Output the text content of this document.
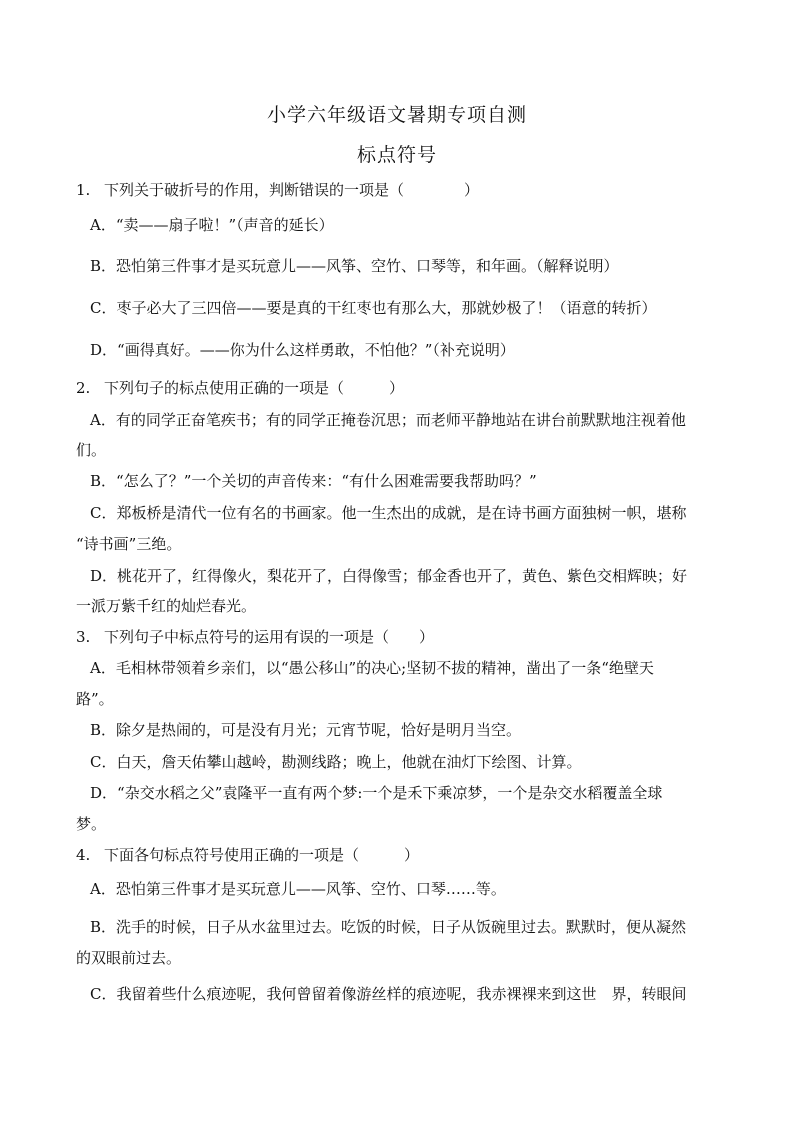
小学六年级语文暑期专项自测
标点符号
1. 下列关于破折号的作用，判断错误的一项是（　　　　）
A．“卖——扇子啦！”（声音的延长）
B．恐怕第三件事才是买玩意儿——风筝、空竹、口琴等，和年画。（解释说明）
C．枣子必大了三四倍——要是真的干红枣也有那么大，那就妙极了！（语意的转折）
D．“画得真好。——你为什么这样勇敢，不怕他？”（补充说明）
2. 下列句子的标点使用正确的一项是（　　　）
A．有的同学正奋笔疾书；有的同学正掩卷沉思；而老师平静地站在讲台前默默地注视着他
们。
B．“怎么了？”一个关切的声音传来：“有什么困难需要我帮助吗？”
C．郑板桥是清代一位有名的书画家。他一生杰出的成就，是在诗书画方面独树一帜，堪称
“诗书画”三绝。
D．桃花开了，红得像火，梨花开了，白得像雪；郁金香也开了，黄色、紫色交相辉映；好
一派万紫千红的灿烂春光。
3. 下列句子中标点符号的运用有误的一项是（　　）
A．毛相林带领着乡亲们，以“愚公移山”的决心;坚韧不拔的精神，凿出了一条“绝壁天
路”。
B．除夕是热闹的，可是没有月光；元宵节呢，恰好是明月当空。
C．白天，詹天佑攀山越岭，勘测线路；晚上，他就在油灯下绘图、计算。
D．“杂交水稻之父”袁隆平一直有两个梦:一个是禾下乘凉梦，一个是杂交水稻覆盖全球
梦。
4. 下面各句标点符号使用正确的一项是（　　　）
A．恐怕第三件事才是买玩意儿——风筝、空竹、口琴……等。
B．洗手的时候，日子从水盆里过去。吃饭的时候，日子从饭碗里过去。默默时，便从凝然
的双眼前过去。
C．我留着些什么痕迹呢，我何曾留着像游丝样的痕迹呢，我赤裸裸来到这世　界，转眼间
